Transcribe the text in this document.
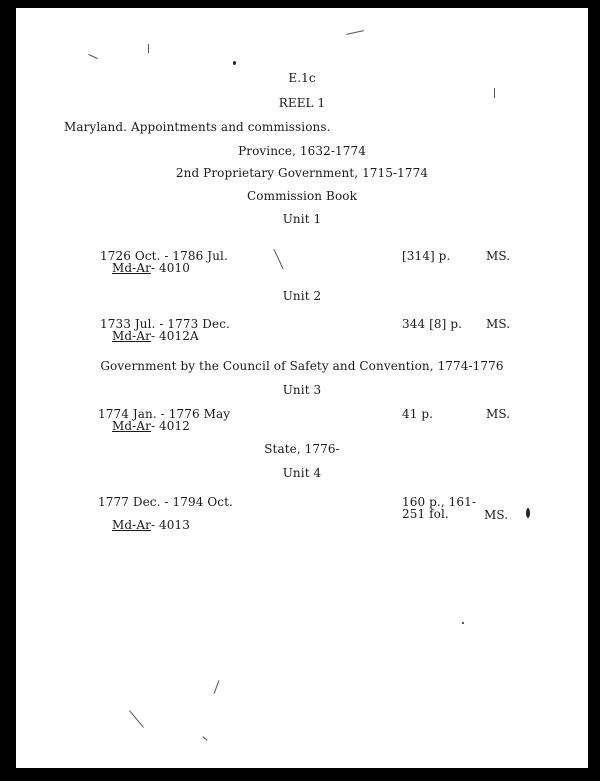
E.1c
REEL 1
Maryland. Appointments and commissions.
Province, 1632-1774
2nd Proprietary Government, 1715-1774
Commission Book
Unit 1
1726 Oct. - 1786 Jul.
Md-Ar- 4010
[314] p.	MS.
Unit 2
1733 Jul. - 1773 Dec.
Md-Ar- 4012A
344 [8] p. MS.
Government by the Council of Safety and Convention, 1774-1776
Unit 3
1774 Jan. - 1776 May
Md-Ar- 4012
41 p.	MS.
State, 1776-
Unit 4
1777 Dec. - 1794 Oct.
Md-Ar- 4013
160 p., 161-
251 fol.	MS.
